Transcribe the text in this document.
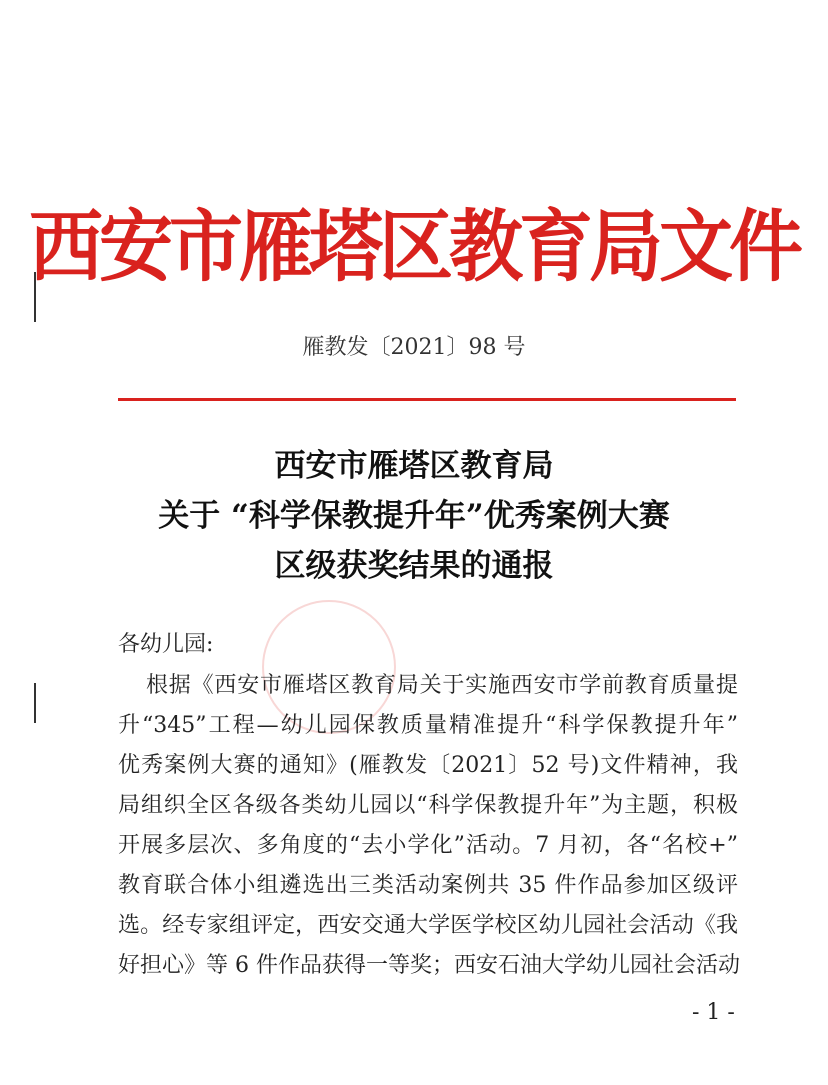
西安市雁塔区教育局文件
雁教发〔2021〕98 号
西安市雁塔区教育局
关于 “科学保教提升年”优秀案例大赛
区级获奖结果的通报
各幼儿园:
根据《西安市雁塔区教育局关于实施西安市学前教育质量提
升“345”工程—幼儿园保教质量精准提升“科学保教提升年”
优秀案例大赛的通知》(雁教发〔2021〕52 号)文件精神，我
局组织全区各级各类幼儿园以“科学保教提升年”为主题，积极
开展多层次、多角度的“去小学化”活动。7 月初，各“名校+”
教育联合体小组遴选出三类活动案例共 35 件作品参加区级评
选。经专家组评定，西安交通大学医学校区幼儿园社会活动《我
好担心》等 6 件作品获得一等奖；西安石油大学幼儿园社会活动
- 1 -
